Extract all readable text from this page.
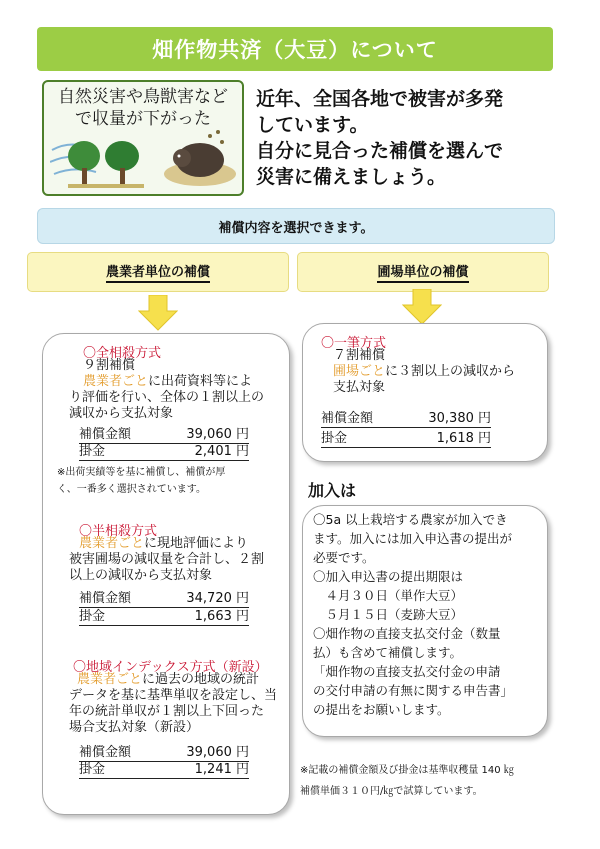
畑作物共済（大豆）について
自然災害や鳥獣害など
で収量が下がった
近年、全国各地で被害が多発
しています。
自分に見合った補償を選んで
災害に備えましょう。
補償内容を選択できます。
農業者単位の補償	圃場単位の補償
〇全相殺方式
９割補償
農業者ごとに出荷資料等によ
り評価を行い、全体の１割以上の
減収から支払対象
補償金額	39,060 円
掛金	2,401 円
※出荷実績等を基に補償し、補償が厚
く、一番多く選択されています。
〇半相殺方式
農業者ごとに現地評価により
被害圃場の減収量を合計し、２割
以上の減収から支払対象
補償金額	34,720 円
掛金	1,663 円
〇地域インデックス方式（新設）
農業者ごとに過去の地域の統計
データを基に基準単収を設定し、当
年の統計単収が１割以上下回った
場合支払対象（新設）
補償金額	39,060 円
掛金	1,241 円
〇一筆方式
７割補償
圃場ごとに３割以上の減収から
支払対象
補償金額	30,380 円
掛金	1,618 円
加入は
〇5a 以上栽培する農家が加入でき
ます。加入には加入申込書の提出が
必要です。
〇加入申込書の提出期限は
　４月３０日（単作大豆）
　５月１５日（麦跡大豆）
〇畑作物の直接支払交付金（数量
払）も含めて補償します。
「畑作物の直接支払交付金の申請
の交付申請の有無に関する申告書」
の提出をお願いします。
※記載の補償金額及び掛金は基準収穫量 140 ㎏
補償単価３１０円/㎏で試算しています。
